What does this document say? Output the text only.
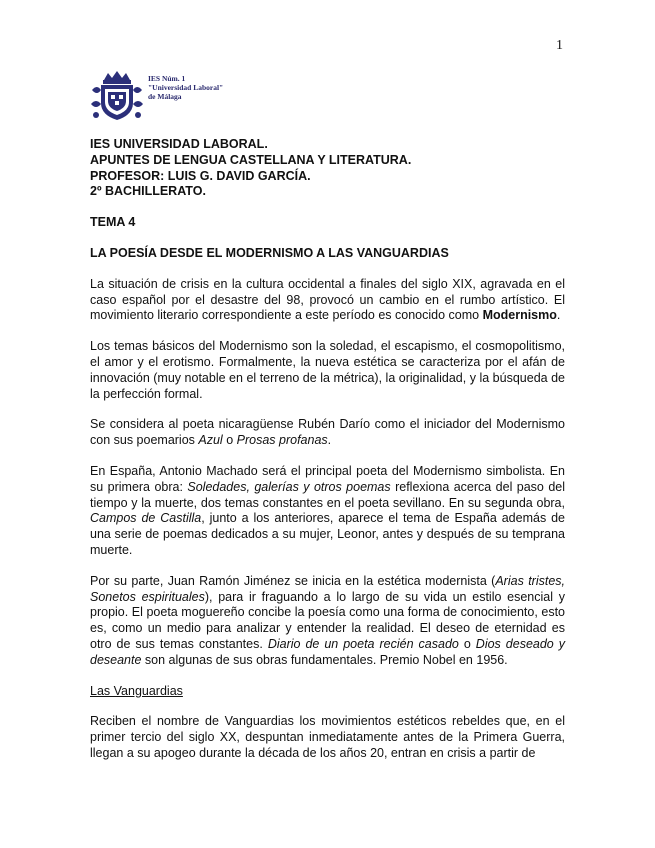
1
IES Núm. 1
"Universidad Laboral"
de Málaga
IES UNIVERSIDAD LABORAL.
APUNTES DE LENGUA CASTELLANA Y LITERATURA.
PROFESOR: LUIS G. DAVID GARCÍA.
2º BACHILLERATO.
TEMA 4
LA POESÍA DESDE EL MODERNISMO A LAS VANGUARDIAS

La situación de crisis en la cultura occidental a finales del siglo XIX, agravada en el caso español por el desastre del 98, provocó un cambio en el rumbo artístico. El movimiento literario correspondiente a este período es conocido como Modernismo.

Los temas básicos del Modernismo son la soledad, el escapismo, el cosmopolitismo, el amor y el erotismo. Formalmente, la nueva estética se caracteriza por el afán de innovación (muy notable en el terreno de la métrica), la originalidad, y la búsqueda de la perfección formal.

Se considera al poeta nicaragüense Rubén Darío como el iniciador del Modernismo con sus poemarios Azul o Prosas profanas.

En España, Antonio Machado será el principal poeta del Modernismo simbolista. En su primera obra: Soledades, galerías y otros poemas reflexiona acerca del paso del tiempo y la muerte, dos temas constantes en el poeta sevillano. En su segunda obra, Campos de Castilla, junto a los anteriores, aparece el tema de España además de una serie de poemas dedicados a su mujer, Leonor, antes y después de su temprana muerte.

Por su parte, Juan Ramón Jiménez se inicia en la estética modernista (Arias tristes, Sonetos espirituales), para ir fraguando a lo largo de su vida un estilo esencial y propio. El poeta moguereño concibe la poesía como una forma de conocimiento, esto es, como un medio para analizar y entender la realidad. El deseo de eternidad es otro de sus temas constantes. Diario de un poeta recién casado o Dios deseado y deseante son algunas de sus obras fundamentales. Premio Nobel en 1956.

Las Vanguardias

Reciben el nombre de Vanguardias los movimientos estéticos rebeldes que, en el primer tercio del siglo XX, despuntan inmediatamente antes de la Primera Guerra, llegan a su apogeo durante la década de los años 20, entran en crisis a partir de
